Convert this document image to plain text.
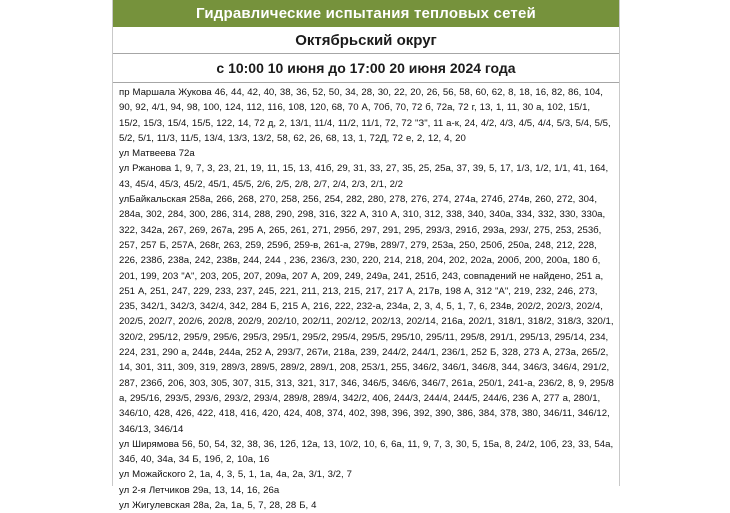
Гидравлические испытания тепловых сетей
Октябрьский округ
с 10:00 10 июня до 17:00 20 июня 2024 года

пр Маршала Жукова 46, 44, 42, 40, 38, 36, 52, 50, 34, 28, 30, 22, 20, 26, 56, 58, 60, 62, 8, 18, 16, 82, 86, 104, 90, 92, 4/1, 94, 98, 100, 124, 112, 116, 108, 120, 68, 70 А, 70б, 70, 72 б, 72а, 72 г, 13, 1, 11, 30 а, 102, 15/1, 15/2, 15/3, 15/4, 15/5, 122, 14, 72 д, 2, 13/1, 11/4, 11/2, 11/1, 72, 72 "З", 11 а-к, 24, 4/2, 4/3, 4/5, 4/4, 5/3, 5/4, 5/5, 5/2, 5/1, 11/3, 11/5, 13/4, 13/3, 13/2, 58, 62, 26, 68, 13, 1, 72Д, 72 е, 2, 12, 4, 20

ул Матвеева 72а

ул Ржанова 1, 9, 7, 3, 23, 21, 19, 11, 15, 13, 41б, 29, 31, 33, 27, 35, 25, 25а, 37, 39, 5, 17, 1/3, 1/2, 1/1, 41, 164, 43, 45/4, 45/3, 45/2, 45/1, 45/5, 2/6, 2/5, 2/8, 2/7, 2/4, 2/3, 2/1, 2/2

улБайкальская 258а, 266, 268, 270, 258, 256, 254, 282, 280, 278, 276, 274, 274а, 274б, 274в, 260, 272, 304, 284а, 302, 284, 300, 286, 314, 288, 290, 298, 316, 322 А, 310 А, 310, 312, 338, 340, 340а, 334, 332, 330, 330а, 322, 342а, 267, 269, 267а, 295 А, 265, 261, 271, 295б, 297, 291, 295, 293/3, 291б, 293а, 293/, 275, 253, 253б, 257, 257 Б, 257А, 268г, 263, 259, 259б, 259-в, 261-а, 279в, 289/7, 279, 253а, 250, 250б, 250а, 248, 212, 228, 226, 238б, 238а, 242, 238в, 244, 244 , 236, 236/3, 230, 220, 214, 218, 204, 202, 202а, 200б, 200, 200а, 180 б, 201, 199, 203 "А", 203, 205, 207, 209а, 207 А, 209, 249, 249а, 241, 251б, 243, совпадений не найдено, 251 а, 251 А, 251, 247, 229, 233, 237, 245, 221, 211, 213, 215, 217, 217 А, 217в, 198 А, 312 "А", 219, 232, 246, 273, 235, 342/1, 342/3, 342/4, 342, 284 Б, 215 А, 216, 222, 232-а, 234а, 2, 3, 4, 5, 1, 7, 6, 234в, 202/2, 202/3, 202/4, 202/5, 202/7, 202/6, 202/8, 202/9, 202/10, 202/11, 202/12, 202/13, 202/14, 216а, 202/1, 318/1, 318/2, 318/3, 320/1, 320/2, 295/12, 295/9, 295/6, 295/3, 295/1, 295/2, 295/4, 295/5, 295/10, 295/11, 295/8, 291/1, 295/13, 295/14, 234, 224, 231, 290 а, 244в, 244а, 252 А, 293/7, 267и, 218а, 239, 244/2, 244/1, 236/1, 252 Б, 328, 273 А, 273а, 265/2, 14, 301, 311, 309, 319, 289/3, 289/5, 289/2, 289/1, 208, 253/1, 255, 346/2, 346/1, 346/8, 344, 346/3, 346/4, 291/2, 287, 236б, 206, 303, 305, 307, 315, 313, 321, 317, 346, 346/5, 346/6, 346/7, 261а, 250/1, 241-а, 236/2, 8, 9, 295/8 а, 295/16, 293/5, 293/6, 293/2, 293/4, 289/8, 289/4, 342/2, 406, 244/3, 244/4, 244/5, 244/6, 236 А, 277 а, 280/1, 346/10, 428, 426, 422, 418, 416, 420, 424, 408, 374, 402, 398, 396, 392, 390, 386, 384, 378, 380, 346/11, 346/12, 346/13, 346/14

ул Ширямова 56, 50, 54, 32, 38, 36, 12б, 12а, 13, 10/2, 10, 6, 6а, 11, 9, 7, 3, 30, 5, 15а, 8, 24/2, 10б, 23, 33, 54а, 34б, 40, 34а, 34 Б, 19б, 2, 10а, 16

ул Можайского 2, 1а, 4, 3, 5, 1, 1а, 4а, 2а, 3/1, 3/2, 7

ул 2-я Летчиков 29а, 13, 14, 16, 26а

ул Жигулевская 28а, 2а, 1а, 5, 7, 28, 28 Б, 4
